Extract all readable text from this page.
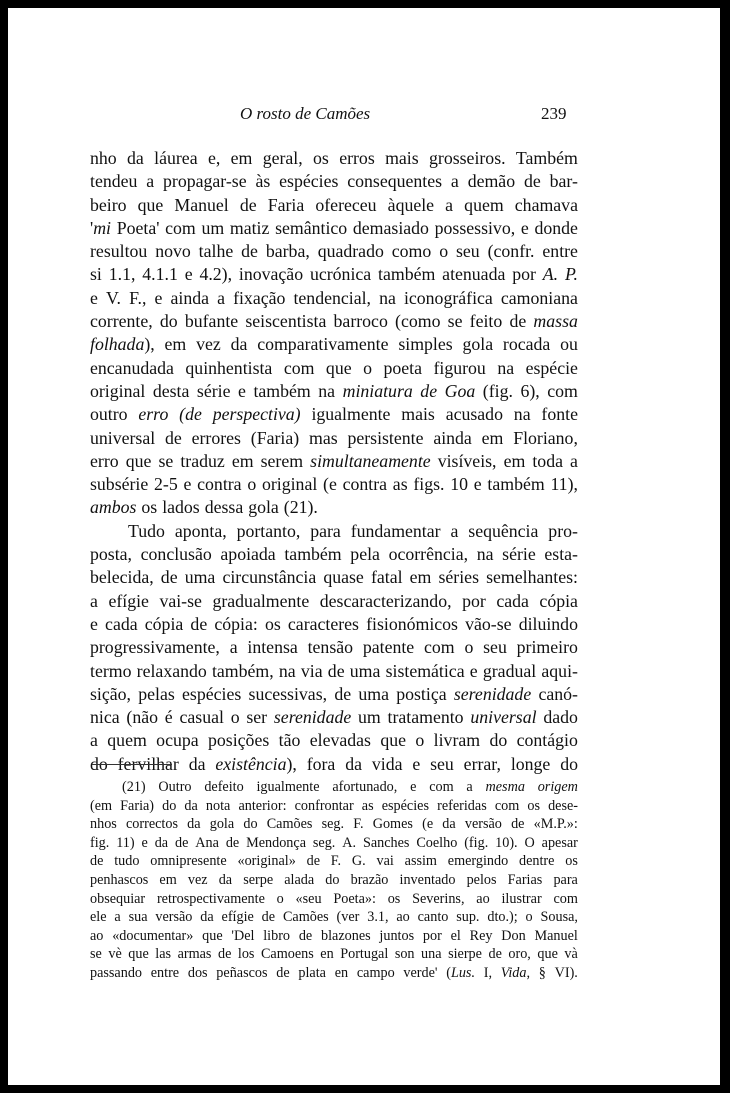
O rosto de Camões	239
nho da láurea e, em geral, os erros mais grosseiros. Também
tendeu a propagar-se às espécies consequentes a demão de bar-
beiro que Manuel de Faria ofereceu àquele a quem chamava
'mi Poeta' com um matiz semântico demasiado possessivo, e donde
resultou novo talhe de barba, quadrado como o seu (confr. entre
si 1.1, 4.1.1 e 4.2), inovação ucrónica também atenuada por A. P.
e V. F., e ainda a fixação tendencial, na iconográfica camoniana
corrente, do bufante seiscentista barroco (como se feito de massa
folhada), em vez da comparativamente simples gola rocada ou
encanudada quinhentista com que o poeta figurou na espécie
original desta série e também na miniatura de Goa (fig. 6), com
outro erro (de perspectiva) igualmente mais acusado na fonte
universal de errores (Faria) mas persistente ainda em Floriano,
erro que se traduz em serem simultaneamente visíveis, em toda a
subsérie 2-5 e contra o original (e contra as figs. 10 e também 11),
ambos os lados dessa gola (21).
Tudo aponta, portanto, para fundamentar a sequência pro-
posta, conclusão apoiada também pela ocorrência, na série esta-
belecida, de uma circunstância quase fatal em séries semelhantes:
a efígie vai-se gradualmente descaracterizando, por cada cópia
e cada cópia de cópia: os caracteres fisionómicos vão-se diluindo
progressivamente, a intensa tensão patente com o seu primeiro
termo relaxando também, na via de uma sistemática e gradual aqui-
sição, pelas espécies sucessivas, de uma postiça serenidade canó-
nica (não é casual o ser serenidade um tratamento universal dado
a quem ocupa posições tão elevadas que o livram do contágio
do fervilhar da existência), fora da vida e seu errar, longe do
(21) Outro defeito igualmente afortunado, e com a mesma origem
(em Faria) do da nota anterior: confrontar as espécies referidas com os dese-
nhos correctos da gola do Camões seg. F. Gomes (e da versão de «M.P.»:
fig. 11) e da de Ana de Mendonça seg. A. Sanches Coelho (fig. 10). O apesar
de tudo omnipresente «original» de F. G. vai assim emergindo dentre os
penhascos em vez da serpe alada do brazão inventado pelos Farias para
obsequiar retrospectivamente o «seu Poeta»: os Severins, ao ilustrar com
ele a sua versão da efígie de Camões (ver 3.1, ao canto sup. dto.); o Sousa,
ao «documentar» que 'Del libro de blazones juntos por el Rey Don Manuel
se vè que las armas de los Camoens en Portugal son una sierpe de oro, que và
passando entre dos peñascos de plata en campo verde' (Lus. I, Vida, § VI).
